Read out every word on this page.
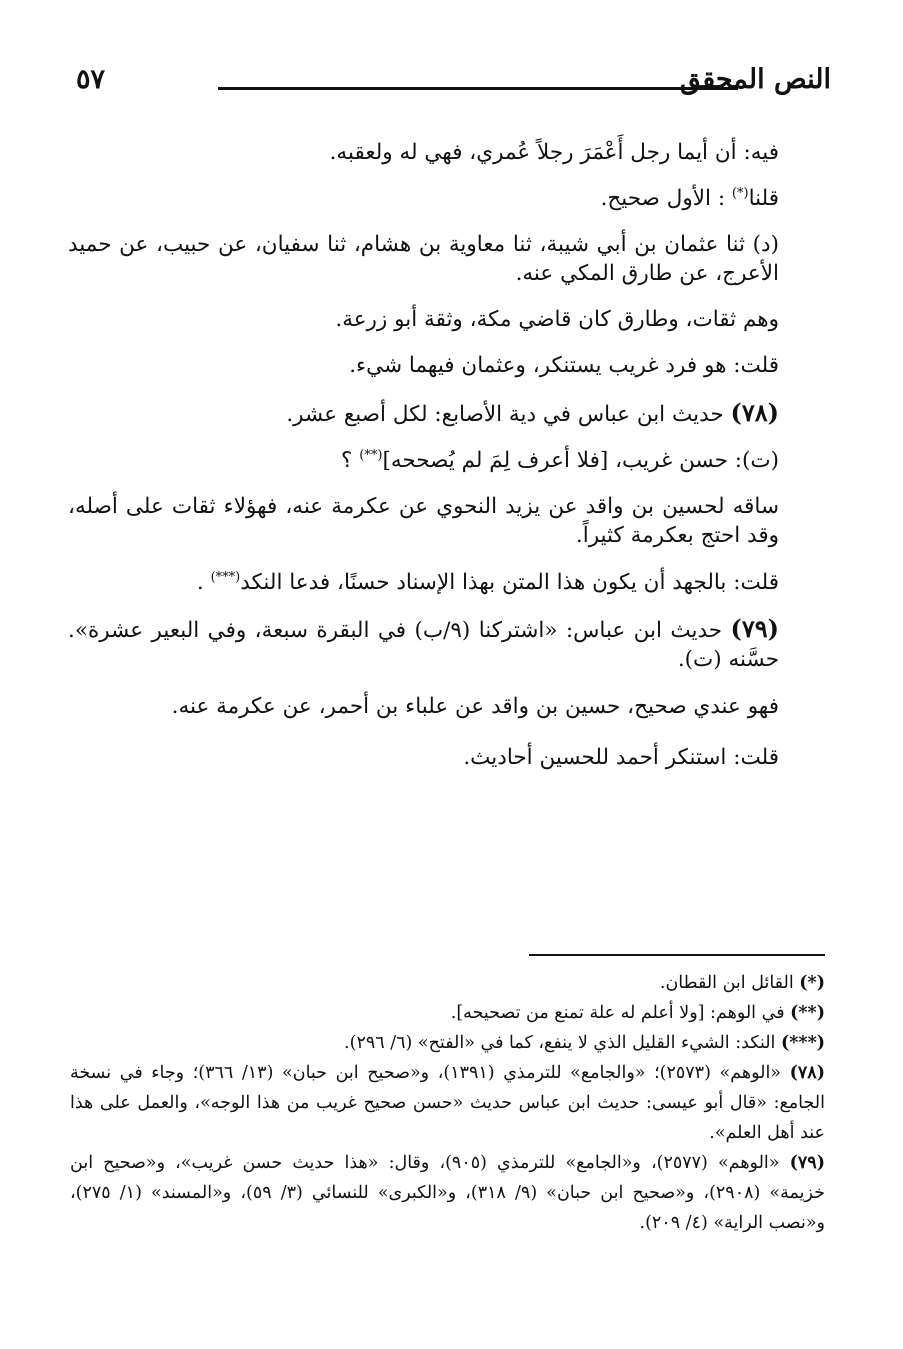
النص المحقق
٥٧

فيه: أن أيما رجل أَعْمَرَ رجلاً عُمري، فهي له ولعقبه.

قلنا(*) : الأول صحيح.

(د) ثنا عثمان بن أبي شيبة، ثنا معاوية بن هشام، ثنا سفيان، عن حبيب، عن حميد الأعرج، عن طارق المكي عنه.

وهم ثقات، وطارق كان قاضي مكة، وثقة أبو زرعة.

قلت: هو فرد غريب يستنكر، وعثمان فيهما شيء.

(٧٨) حديث ابن عباس في دية الأصابع: لكل أصبع عشر.

(ت): حسن غريب، [فلا أعرف لِمَ لم يُصححه](**) ؟

ساقه لحسين بن واقد عن يزيد النحوي عن عكرمة عنه، فهؤلاء ثقات على أصله، وقد احتج بعكرمة كثيراً.

قلت: بالجهد أن يكون هذا المتن بهذا الإسناد حسنًا، فدعا النكد(***) .

(٧٩) حديث ابن عباس: «اشتركنا (٩/ب) في البقرة سبعة، وفي البعير عشرة». حسَّنه (ت).

فهو عندي صحيح، حسين بن واقد عن علباء بن أحمر، عن عكرمة عنه.

قلت: استنكر أحمد للحسين أحاديث.

(*) القائل ابن القطان.

(**) في الوهم: [ولا أعلم له علة تمنع من تصحيحه].

(***) النكد: الشيء القليل الذي لا ينفع، كما في «الفتح» (٦/ ٢٩٦).

(٧٨) «الوهم» (٢٥٧٣)؛ «والجامع» للترمذي (١٣٩١)، و«صحيح ابن حبان» (١٣/ ٣٦٦)؛ وجاء في نسخة الجامع: «قال أبو عيسى: حديث ابن عباس حديث «حسن صحيح غريب من هذا الوجه»، والعمل على هذا عند أهل العلم».

(٧٩) «الوهم» (٢٥٧٧)، و«الجامع» للترمذي (٩٠٥)، وقال: «هذا حديث حسن غريب»، و«صحيح ابن خزيمة» (٢٩٠٨)، و«صحيح ابن حبان» (٩/ ٣١٨)، و«الكبرى» للنسائي (٣/ ٥٩)، و«المسند» (١/ ٢٧٥)، و«نصب الراية» (٤/ ٢٠٩).
